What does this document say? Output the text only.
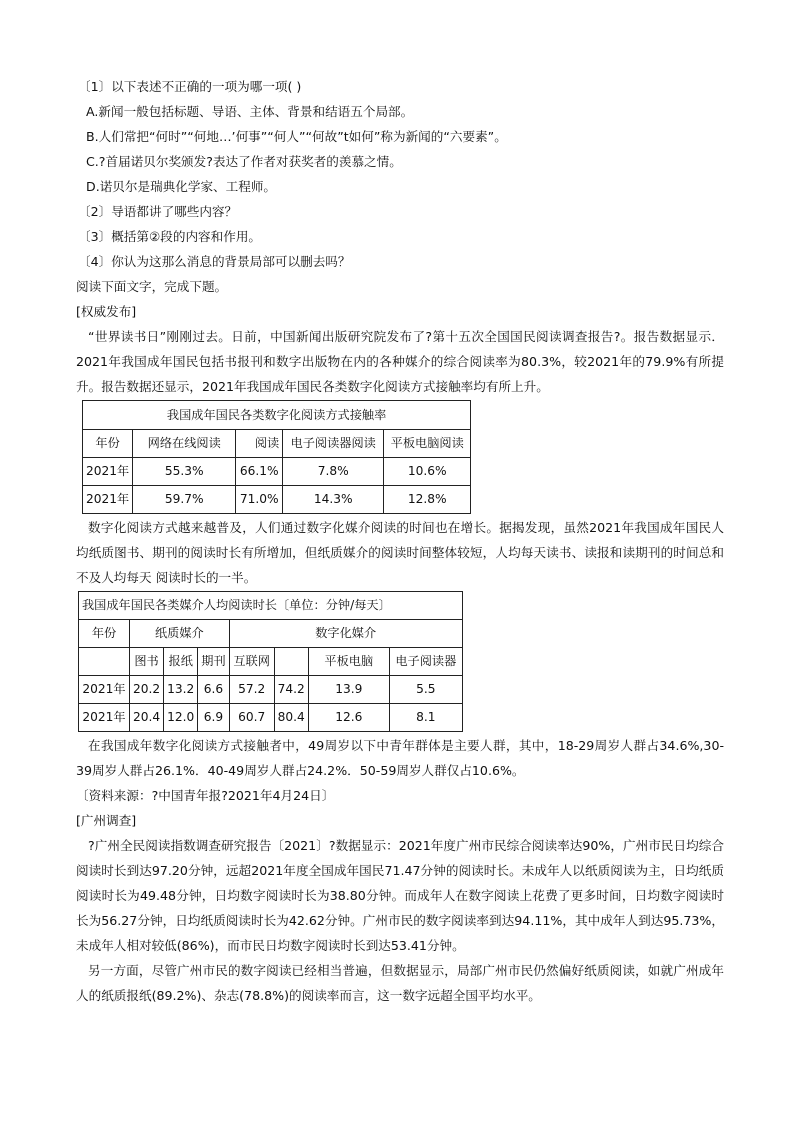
〔1〕以下表述不正确的一项为哪一项( )
A.新闻一般包括标题、导语、主体、背景和结语五个局部。
B.人们常把“何时”“何地…’何事”“何人”“何故”t如何”称为新闻的“六要素”。
C.?首届诺贝尔奖颁发?表达了作者对获奖者的羡慕之情。
D.诺贝尔是瑞典化学家、工程师。
〔2〕导语都讲了哪些内容？
〔3〕概括第②段的内容和作用。
〔4〕你认为这那么消息的背景局部可以删去吗？
阅读下面文字，完成下题。
[权威发布]
“世界读书日”刚刚过去。日前，中国新闻出版研究院发布了?第十五次全国国民阅读调查报告?。报告数据显示．2021年我国成年国民包括书报刊和数字出版物在内的各种媒介的综合阅读率为80.3%，较2021年的79.9%有所提升。报告数据还显示，2021年我国成年国民各类数字化阅读方式接触率均有所上升。
我国成年国民各类数字化阅读方式接触率				
年份	网络在线阅读	阅读	电子阅读器阅读	平板电脑阅读
2021年	55.3%	66.1%	7.8%	10.6%
2021年	59.7%	71.0%	14.3%	12.8%
数字化阅读方式越来越普及，人们通过数字化媒介阅读的时间也在增长。据揭发现，虽然2021年我国成年国民人均纸质图书、期刊的阅读时长有所增加，但纸质媒介的阅读时间整体较短，人均每天读书、读报和读期刊的时间总和不及人均每天 阅读时长的一半。
我国成年国民各类媒介人均阅读时长〔单位：分钟/每天〕							
年份	纸质媒介			数字化媒介			
	图书	报纸	期刊	互联网		平板电脑	电子阅读器
2021年	20.2	13.2	6.6	57.2	74.2	13.9	5.5
2021年	20.4	12.0	6.9	60.7	80.4	12.6	8.1
在我国成年数字化阅读方式接触者中，49周岁以下中青年群体是主要人群，其中，18-29周岁人群占34.6%,30-39周岁人群占26.1%．40-49周岁人群占24.2%．50-59周岁人群仅占10.6%。
〔资料来源：?中国青年报?2021年4月24日〕
[广州调查]
?广州全民阅读指数调查研究报告〔2021〕?数据显示：2021年度广州市民综合阅读率达90%，广州市民日均综合阅读时长到达97.20分钟，远超2021年度全国成年国民71.47分钟的阅读时长。未成年人以纸质阅读为主，日均纸质阅读时长为49.48分钟，日均数字阅读时长为38.80分钟。而成年人在数字阅读上花费了更多时间，日均数字阅读时长为56.27分钟，日均纸质阅读时长为42.62分钟。广州市民的数字阅读率到达94.11%，其中成年人到达95.73%，未成年人相对较低(86%)，而市民日均数字阅读时长到达53.41分钟。
另一方面，尽管广州市民的数字阅读已经相当普遍，但数据显示，局部广州市民仍然偏好纸质阅读，如就广州成年人的纸质报纸(89.2%)、杂志(78.8%)的阅读率而言，这一数字远超全国平均水平。
